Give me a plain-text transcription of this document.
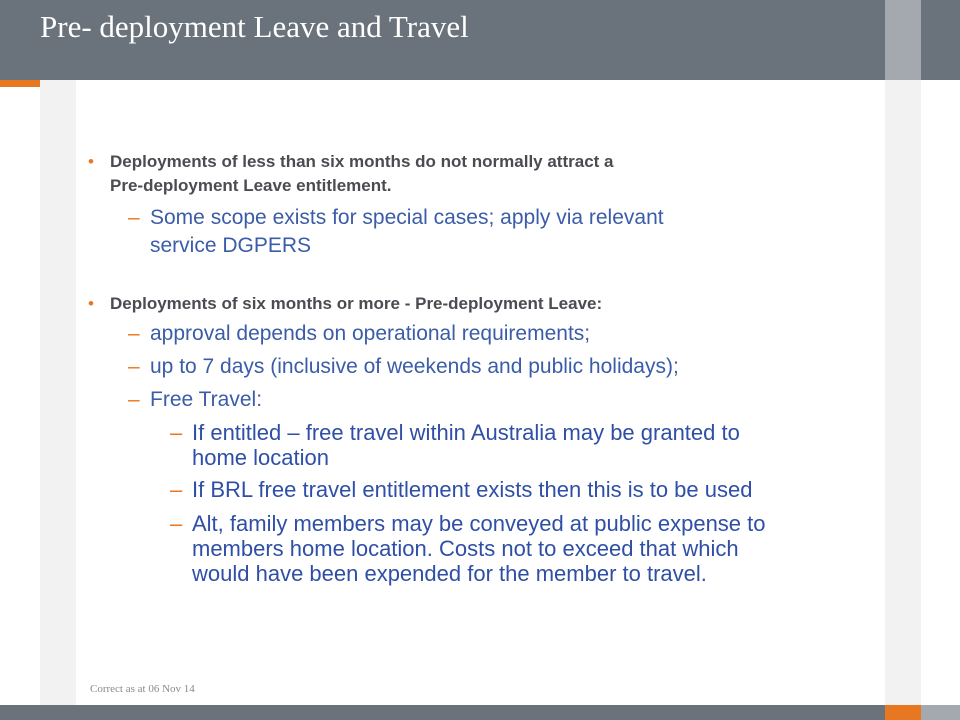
Pre- deployment Leave and Travel
• Deployments of less than six months do not normally attract a
Pre-deployment Leave entitlement.
– Some scope exists for special cases; apply via relevant
service DGPERS
• Deployments of six months or more - Pre-deployment Leave:
– approval depends on operational requirements;
– up to 7 days (inclusive of weekends and public holidays);
– Free Travel:
– If entitled – free travel within Australia may be granted to
home location
– If BRL free travel entitlement exists then this is to be used
– Alt, family members may be conveyed at public expense to
members home location. Costs not to exceed that which
would have been expended for the member to travel.
Correct as at 06 Nov 14
